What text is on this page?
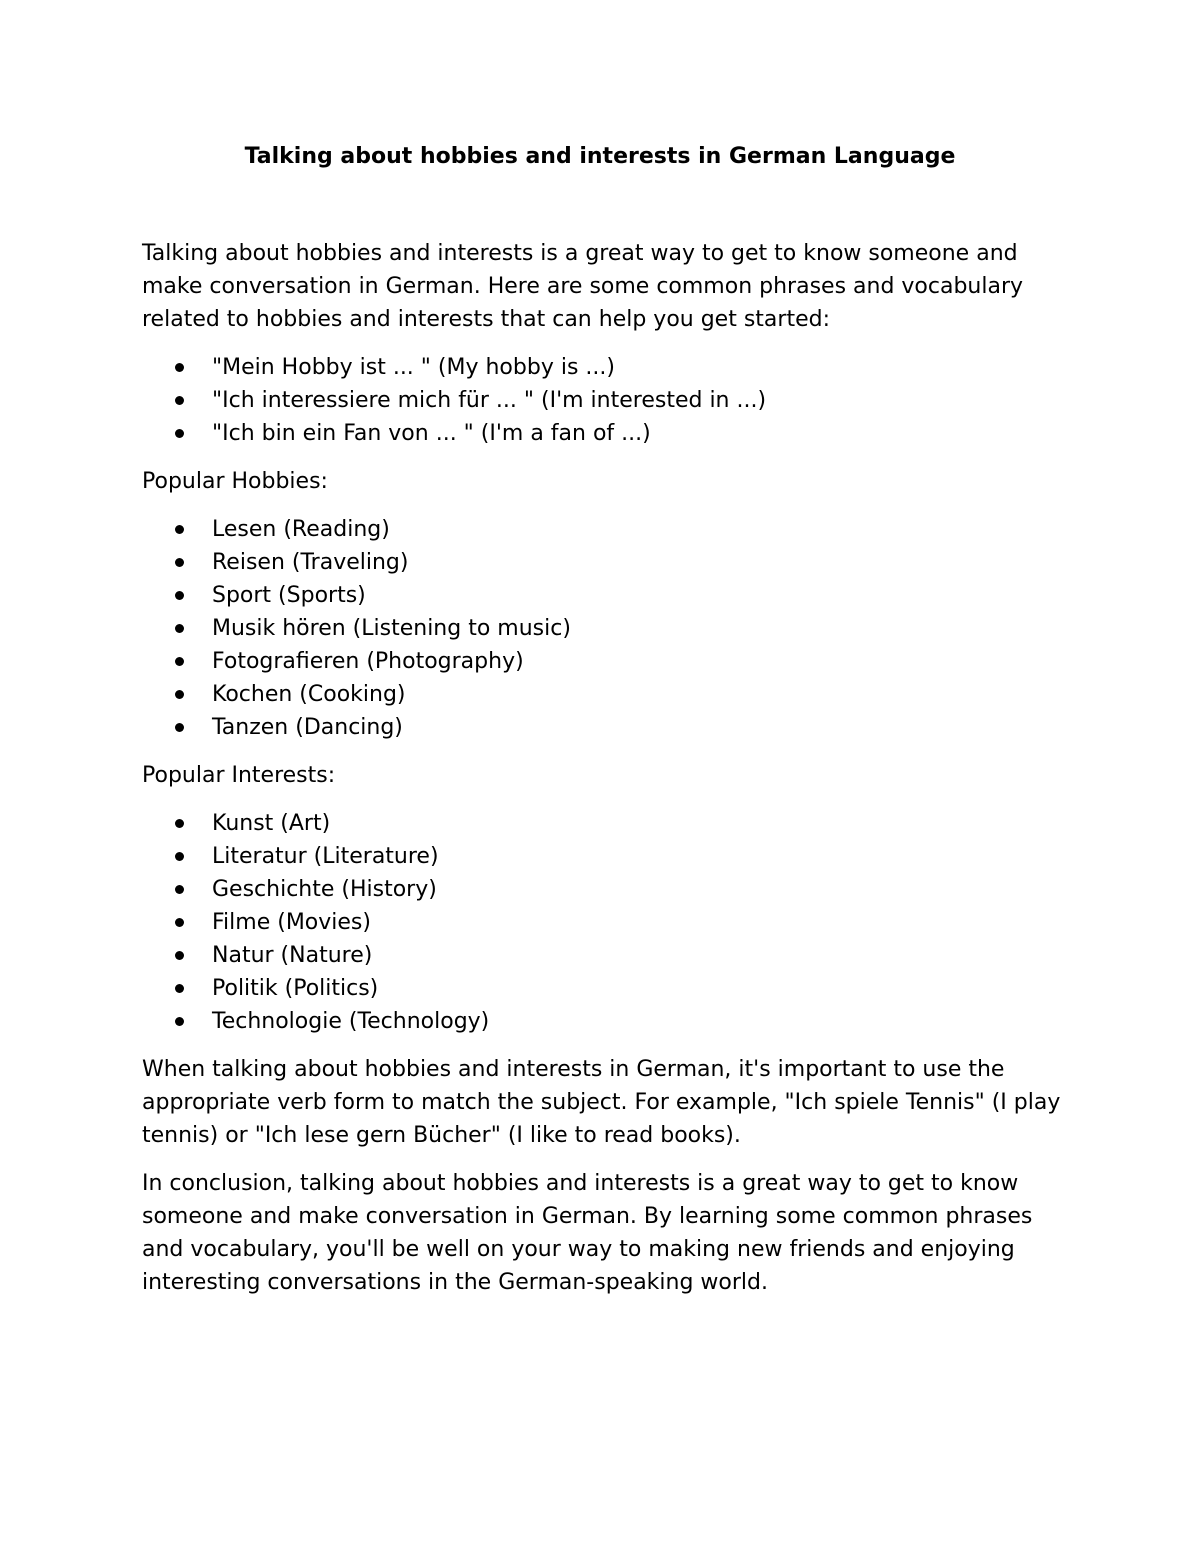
Talking about hobbies and interests in German Language

Talking about hobbies and interests is a great way to get to know someone and make conversation in German. Here are some common phrases and vocabulary related to hobbies and interests that can help you get started:

"Mein Hobby ist ... " (My hobby is ...)
"Ich interessiere mich für ... " (I'm interested in ...)
"Ich bin ein Fan von ... " (I'm a fan of ...)

Popular Hobbies:

Lesen (Reading)
Reisen (Traveling)
Sport (Sports)
Musik hören (Listening to music)
Fotografieren (Photography)
Kochen (Cooking)
Tanzen (Dancing)

Popular Interests:

Kunst (Art)
Literatur (Literature)
Geschichte (History)
Filme (Movies)
Natur (Nature)
Politik (Politics)
Technologie (Technology)

When talking about hobbies and interests in German, it's important to use the appropriate verb form to match the subject. For example, "Ich spiele Tennis" (I play tennis) or "Ich lese gern Bücher" (I like to read books).

In conclusion, talking about hobbies and interests is a great way to get to know someone and make conversation in German. By learning some common phrases and vocabulary, you'll be well on your way to making new friends and enjoying interesting conversations in the German-speaking world.
